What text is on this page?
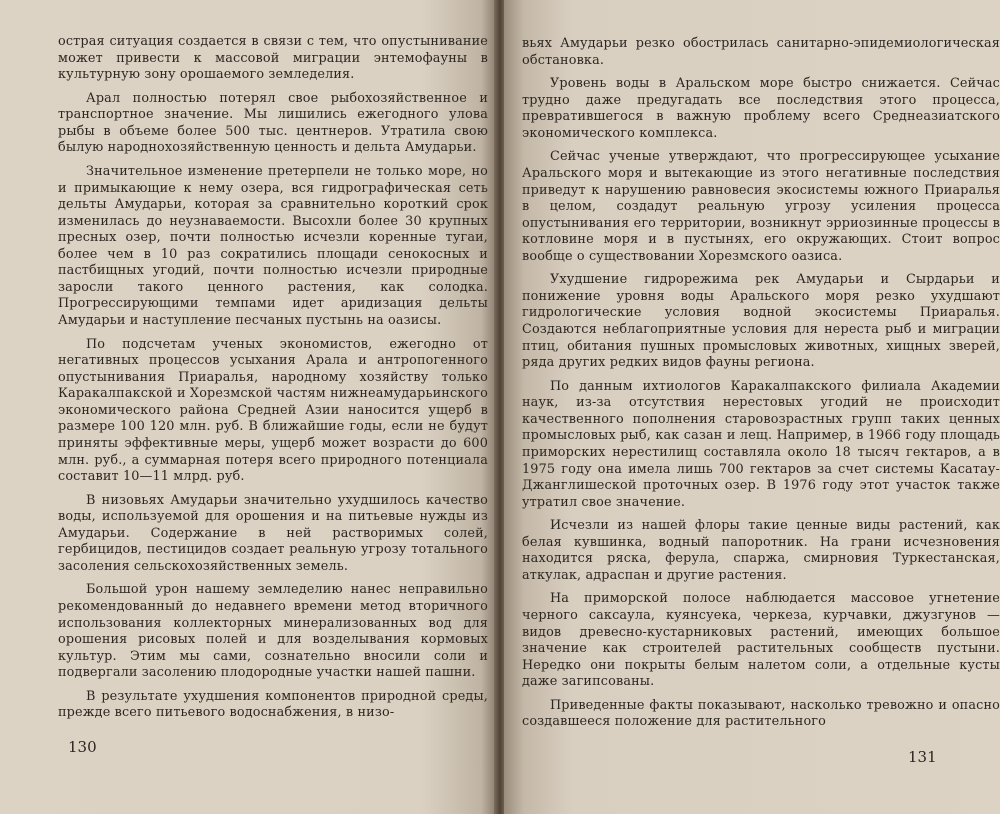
острая ситуация создается в связи с тем, что опустынивание может привести к массовой миграции энтемофауны в культурную зону орошаемого земледелия.

Арал полностью потерял свое рыбохозяйственное и транспортное значение. Мы лишились ежегодного улова рыбы в объеме более 500 тыс. центнеров. Утратила свою былую народнохозяйственную ценность и дельта Амударьи.

Значительное изменение претерпели не только море, но и примыкающие к нему озера, вся гидрографическая сеть дельты Амударьи, которая за сравнительно короткий срок изменилась до неузнаваемости. Высохли более 30 крупных пресных озер, почти полностью исчезли коренные тугаи, более чем в 10 раз сократились площади сенокосных и пастбищных угодий, почти полностью исчезли природные заросли такого ценного растения, как солодка. Прогрессирующими темпами идет аридизация дельты Амударьи и наступление песчаных пустынь на оазисы.

По подсчетам ученых экономистов, ежегодно от негативных процессов усыхания Арала и антропогенного опустынивания Приаралья, народному хозяйству только Каракалпакской и Хорезмской частям нижнеамударьинского экономического района Средней Азии наносится ущерб в размере 100 120 млн. руб. В ближайшие годы, если не будут приняты эффективные меры, ущерб может возрасти до 600 млн. руб., а суммарная потеря всего природного потенциала составит 10—11 млрд. руб.

В низовьях Амударьи значительно ухудшилось качество воды, используемой для орошения и на питьевые нужды из Амударьи. Содержание в ней растворимых солей, гербицидов, пестицидов создает реальную угрозу тотального засоления сельскохозяйственных земель.

Большой урон нашему земледелию нанес неправильно рекомендованный до недавнего времени метод вторичного использования коллекторных минерализованных вод для орошения рисовых полей и для возделывания кормовых культур. Этим мы сами, сознательно вносили соли и подвергали засолению плодородные участки нашей пашни.

В результате ухудшения компонентов природной среды, прежде всего питьевого водоснабжения, в низо-

130

вьях Амударьи резко обострилась санитарно-эпидемиологическая обстановка.

Уровень воды в Аральском море быстро снижается. Сейчас трудно даже предугадать все последствия этого процесса, превратившегося в важную проблему всего Среднеазиатского экономического комплекса.

Сейчас ученые утверждают, что прогрессирующее усыхание Аральского моря и вытекающие из этого негативные последствия приведут к нарушению равновесия экосистемы южного Приаралья в целом, создадут реальную угрозу усиления процесса опустынивания его территории, возникнут эрриозинные процессы в котловине моря и в пустынях, его окружающих. Стоит вопрос вообще о существовании Хорезмского оазиса.

Ухудшение гидрорежима рек Амударьи и Сырдарьи и понижение уровня воды Аральского моря резко ухудшают гидрологические условия водной экосистемы Приаралья. Создаются неблагоприятные условия для нереста рыб и миграции птиц, обитания пушных промысловых животных, хищных зверей, ряда других редких видов фауны региона.

По данным ихтиологов Каракалпакского филиала Академии наук, из-за отсутствия нерестовых угодий не происходит качественного пополнения старовозрастных групп таких ценных промысловых рыб, как сазан и лещ. Например, в 1966 году площадь приморских нерестилищ составляла около 18 тысяч гектаров, а в 1975 году она имела лишь 700 гектаров за счет системы Касатау-Джанглишеской проточных озер. В 1976 году этот участок также утратил свое значение.

Исчезли из нашей флоры такие ценные виды растений, как белая кувшинка, водный папоротник. На грани исчезновения находится ряска, ферула, спаржа, смирновия Туркестанская, аткулак, адраспан и другие растения.

На приморской полосе наблюдается массовое угнетение черного саксаула, куянсуека, черкеза, курчавки, джузгунов — видов древесно-кустарниковых растений, имеющих большое значение как строителей растительных сообществ пустыни. Нередко они покрыты белым налетом соли, а отдельные кусты даже загипсованы.

Приведенные факты показывают, насколько тревожно и опасно создавшееся положение для растительного

131
